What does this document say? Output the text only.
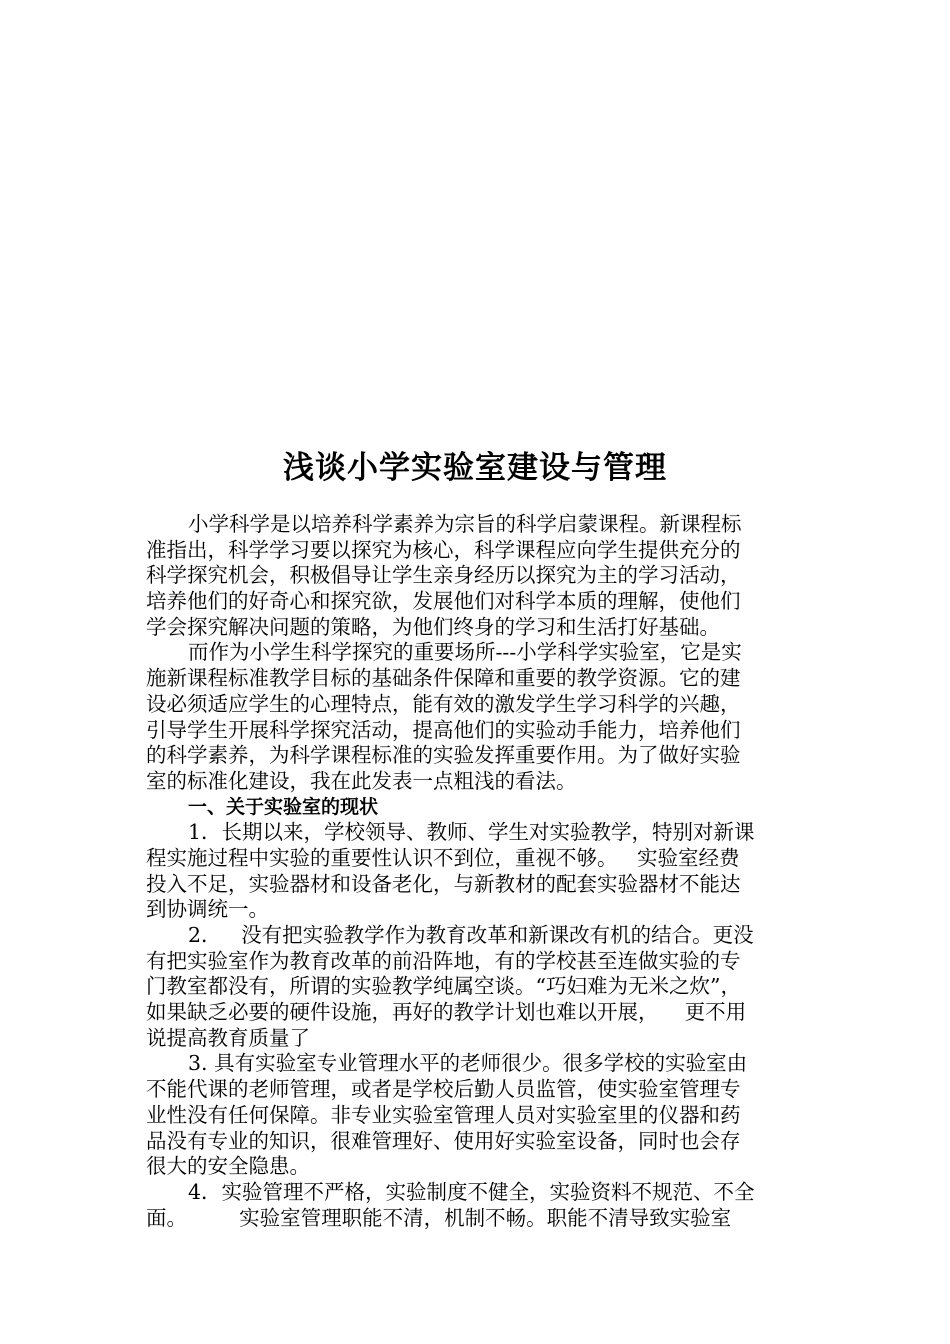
浅谈小学实验室建设与管理
小学科学是以培养科学素养为宗旨的科学启蒙课程。新课程标
准指出，科学学习要以探究为核心，科学课程应向学生提供充分的
科学探究机会，积极倡导让学生亲身经历以探究为主的学习活动，
培养他们的好奇心和探究欲，发展他们对科学本质的理解，使他们
学会探究解决问题的策略，为他们终身的学习和生活打好基础。
而作为小学生科学探究的重要场所---小学科学实验室，它是实
施新课程标准教学目标的基础条件保障和重要的教学资源。它的建
设必须适应学生的心理特点，能有效的激发学生学习科学的兴趣，
引导学生开展科学探究活动，提高他们的实验动手能力，培养他们
的科学素养，为科学课程标准的实验发挥重要作用。为了做好实验
室的标准化建设，我在此发表一点粗浅的看法。
一、关于实验室的现状
1．长期以来，学校领导、教师、学生对实验教学，特别对新课
程实施过程中实验的重要性认识不到位，重视不够。   实验室经费
投入不足，实验器材和设备老化，与新教材的配套实验器材不能达
到协调统一。
2．   没有把实验教学作为教育改革和新课改有机的结合。更没
有把实验室作为教育改革的前沿阵地，有的学校甚至连做实验的专
门教室都没有，所谓的实验教学纯属空谈。“巧妇难为无米之炊”，
如果缺乏必要的硬件设施，再好的教学计划也难以开展，    更不用
说提高教育质量了
3. 具有实验室专业管理水平的老师很少。很多学校的实验室由
不能代课的老师管理，或者是学校后勤人员监管，使实验室管理专
业性没有任何保障。非专业实验室管理人员对实验室里的仪器和药
品没有专业的知识，很难管理好、使用好实验室设备，同时也会存
很大的安全隐患。
4．实验管理不严格，实验制度不健全，实验资料不规范、不全
面。        实验室管理职能不清，机制不畅。职能不清导致实验室
